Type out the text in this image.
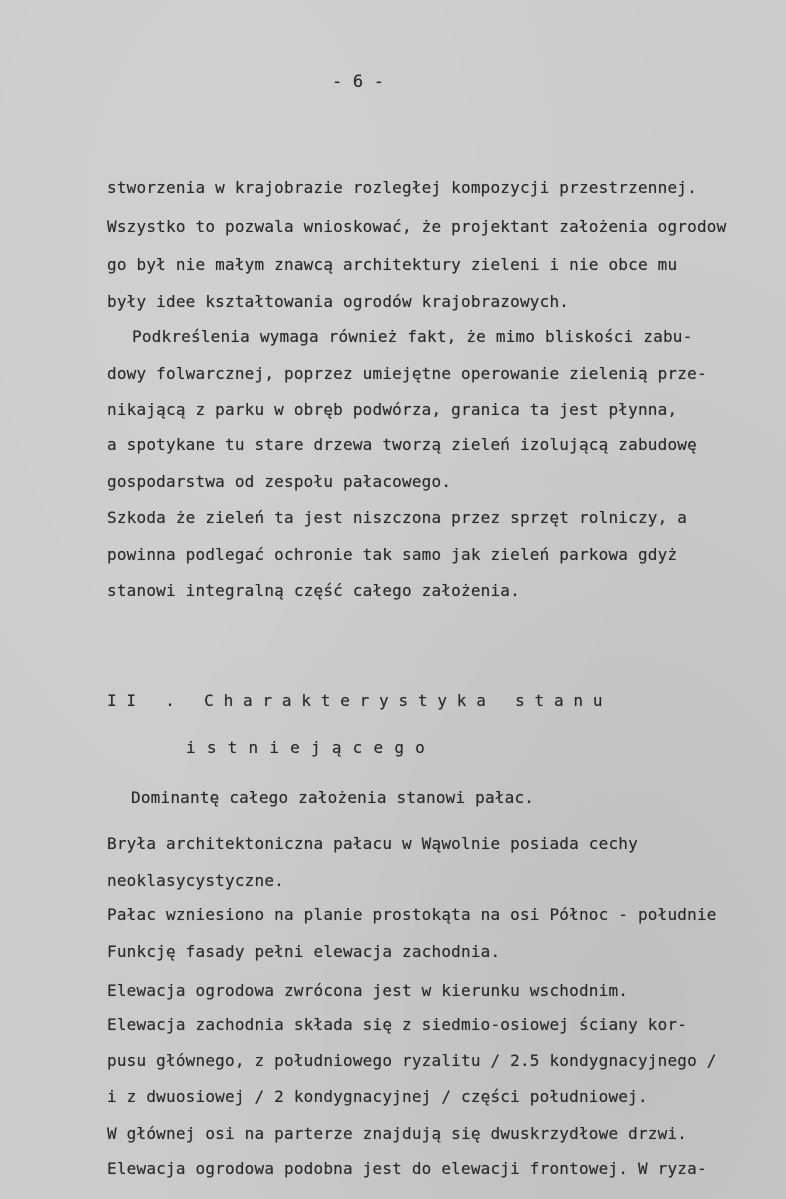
- 6 -
stworzenia w krajobrazie rozległej kompozycji przestrzennej.
Wszystko to pozwala wnioskować, że projektant założenia ogrodow
go był nie małym znawcą architektury zieleni i nie obce mu
były idee kształtowania ogrodów krajobrazowych.
Podkreślenia wymaga również fakt, że mimo bliskości zabu-
dowy folwarcznej, poprzez umiejętne operowanie zielenią prze-
nikającą z parku w obręb podwórza, granica ta jest płynna,
a spotykane tu stare drzewa tworzą zieleń izolującą zabudowę
gospodarstwa od zespołu pałacowego.
Szkoda że zieleń ta jest niszczona przez sprzęt rolniczy, a
powinna podlegać ochronie tak samo jak zieleń parkowa gdyż
stanowi integralną część całego założenia.
II . Charakterystyka stanu
istniejącego
Dominantę całego założenia stanowi pałac.
Bryła architektoniczna pałacu w Wąwolnie posiada cechy
neoklasycystyczne.
Pałac wzniesiono na planie prostokąta na osi Północ - południe
Funkcję fasady pełni elewacja zachodnia.
Elewacja ogrodowa zwrócona jest w kierunku wschodnim.
Elewacja zachodnia składa się z siedmio-osiowej ściany kor-
pusu głównego, z południowego ryzalitu / 2.5 kondygnacyjnego /
i z dwuosiowej / 2 kondygnacyjnej / części południowej.
W głównej osi na parterze znajdują się dwuskrzydłowe drzwi.
Elewacja ogrodowa podobna jest do elewacji frontowej. W ryza-
